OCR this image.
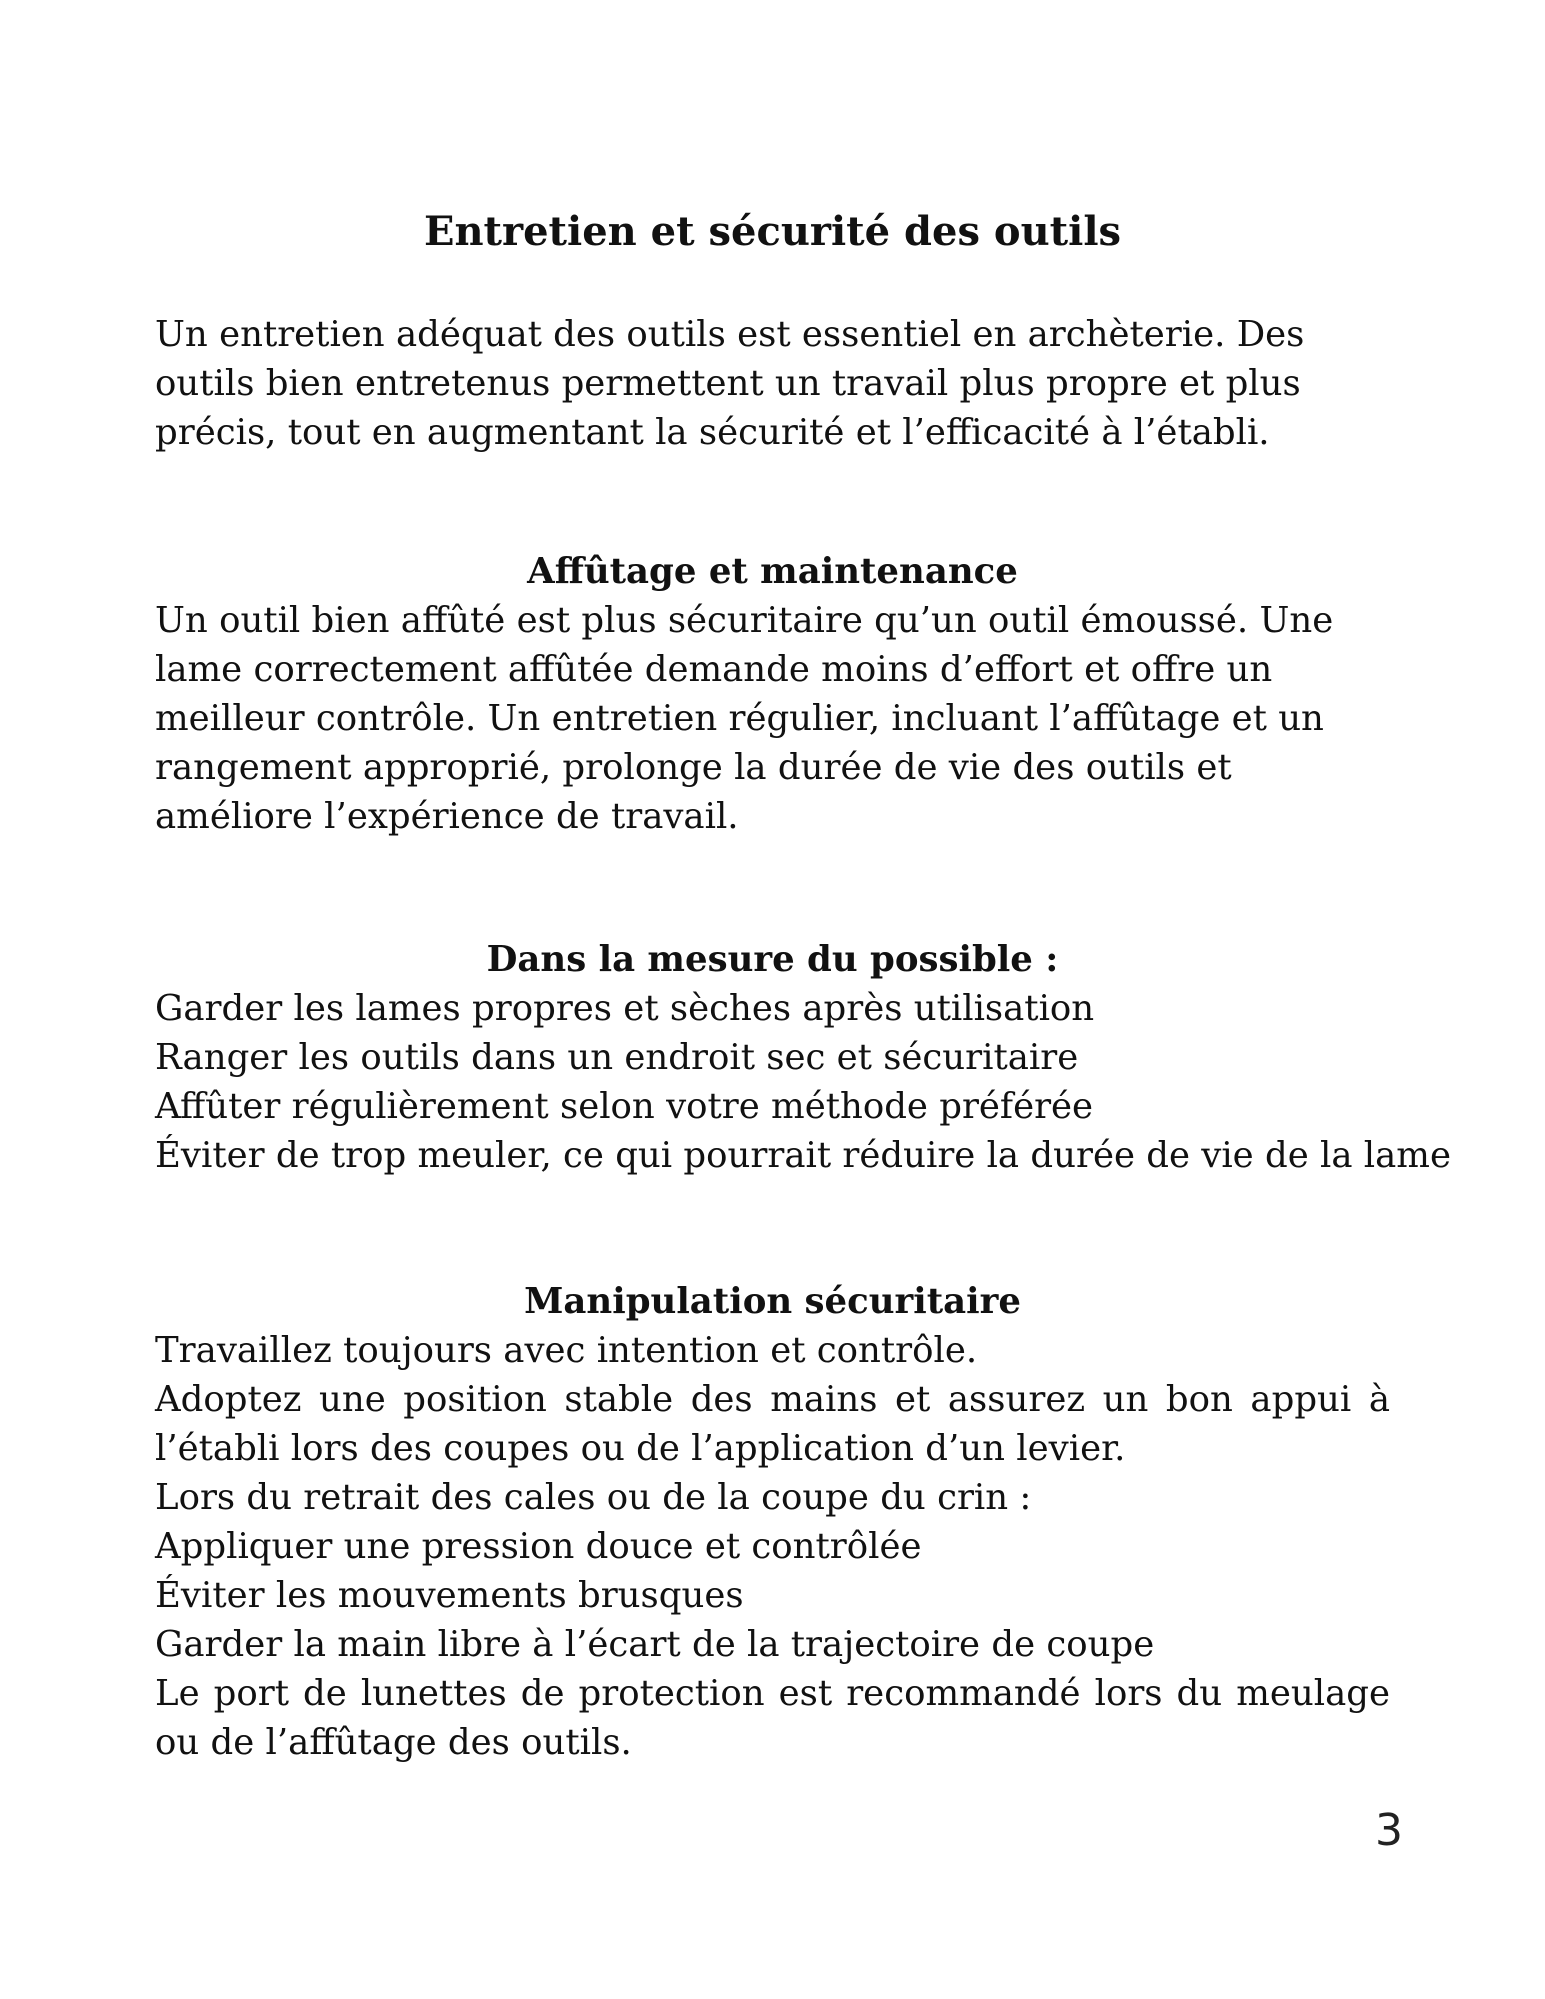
Entretien et sécurité des outils

Un entretien adéquat des outils est essentiel en archèterie. Des outils bien entretenus permettent un travail plus propre et plus précis, tout en augmentant la sécurité et l’efficacité à l’établi.

Affûtage et maintenance

Un outil bien affûté est plus sécuritaire qu’un outil émoussé. Une lame correctement affûtée demande moins d’effort et offre un meilleur contrôle. Un entretien régulier, incluant l’affûtage et un rangement approprié, prolonge la durée de vie des outils et améliore l’expérience de travail.

Dans la mesure du possible :
Garder les lames propres et sèches après utilisation
Ranger les outils dans un endroit sec et sécuritaire
Affûter régulièrement selon votre méthode préférée
Éviter de trop meuler, ce qui pourrait réduire la durée de vie de la lame
Manipulation sécuritaire
Travaillez toujours avec intention et contrôle.
Adoptez une position stable des mains et assurez un bon appui à l’établi lors des coupes ou de l’application d’un levier.
Lors du retrait des cales ou de la coupe du crin :
Appliquer une pression douce et contrôlée
Éviter les mouvements brusques
Garder la main libre à l’écart de la trajectoire de coupe
Le port de lunettes de protection est recommandé lors du meulage ou de l’affûtage des outils.
3
